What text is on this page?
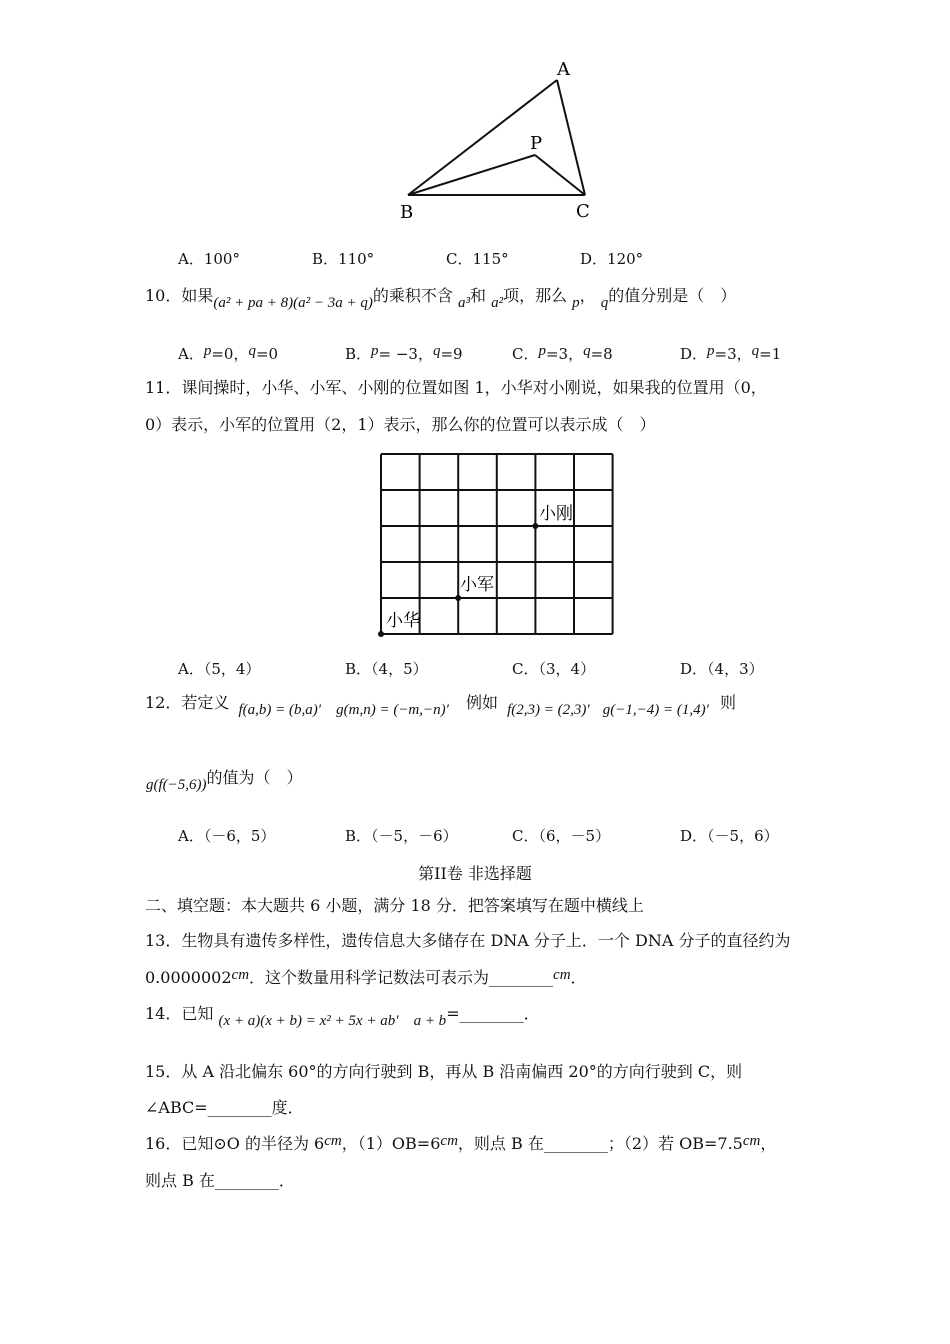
A
P
B	C
A．100°	B．110°	C．115°	D．120°
10．如果(a² + pa + 8)(a² − 3a + q)的乘积不含 a³和 a²项，那么 p， q的值分别是（　）
A．p=0，q=0	B．p= −3，q=9	C．p=3，q=8	D．p=3，q=1
11．课间操时，小华、小军、小刚的位置如图 1，小华对小刚说，如果我的位置用（0，
0）表示，小军的位置用（2，1）表示，那么你的位置可以表示成（　）
小刚
小军
小华
A．（5，4）	B．（4，5）	C．（3，4）	D．（4，3）
12．若定义 f(a,b) = (b,a)′ g(m,n) = (−m,−n)′ 例如 f(2,3) = (2,3)′ g(−1,−4) = (1,4)′ 则
g(f(−5,6))的值为（　）
A．（－6，5）	B．（－5，－6）	C．（6，－5）	D．（－5，6）
第II卷 非选择题
二、填空题：本大题共 6 小题，满分 18 分．把答案填写在题中横线上
13．生物具有遗传多样性，遗传信息大多储存在 DNA 分子上．一个 DNA 分子的直径约为
0.0000002cm．这个数量用科学记数法可表示为________cm．
14．已知 (x + a)(x + b) = x² + 5x + ab′ a + b=________．
15．从 A 沿北偏东 60°的方向行驶到 B，再从 B 沿南偏西 20°的方向行驶到 C，则
∠ABC=________度．
16．已知⊙O 的半径为 6cm，（1）OB=6cm，则点 B 在________；（2）若 OB=7.5cm，
则点 B 在________．
